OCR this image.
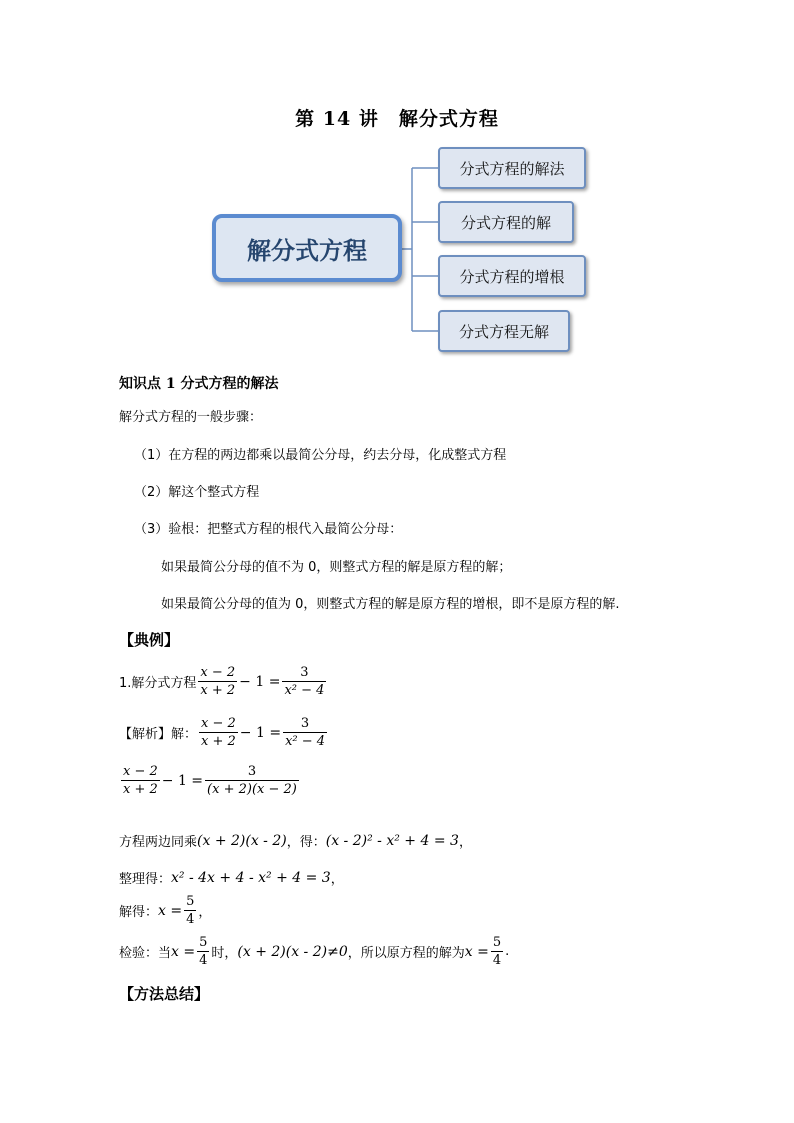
第 14 讲　解分式方程
解分式方程
分式方程的解法
分式方程的解
分式方程的增根
分式方程无解
知识点 1 分式方程的解法
解分式方程的一般步骤：
（1）在方程的两边都乘以最简公分母，约去分母，化成整式方程
（2）解这个整式方程
（3）验根：把整式方程的根代入最简公分母：
如果最简公分母的值不为 0，则整式方程的解是原方程的解；
如果最简公分母的值为 0，则整式方程的解是原方程的增根，即不是原方程的解.
【典例】
1.解分式方程 $\frac{x - 2}{x + 2} - 1 = \frac{3}{\text{x² − 4}}$
【解析】解： $\frac{x - 2}{x + 2} - 1 = \frac{3}{\text{x² − 4}}$
$\frac{x - 2}{x + 2} - 1 = \frac{3}{(x + 2)(x - 2)}$
方程两边同乘 (x + 2)(x - 2) ，得： (x - 2)² - x² + 4 = 3 ，
整理得： x² - 4x + 4 - x² + 4 = 3 ，
解得： $x = \frac{5}{4}$ ，
检验：当 $x = \frac{5}{4}$ 时， (x + 2)(x - 2)≠0 ，所以原方程的解为 $x = \frac{5}{4}$ .
【方法总结】
